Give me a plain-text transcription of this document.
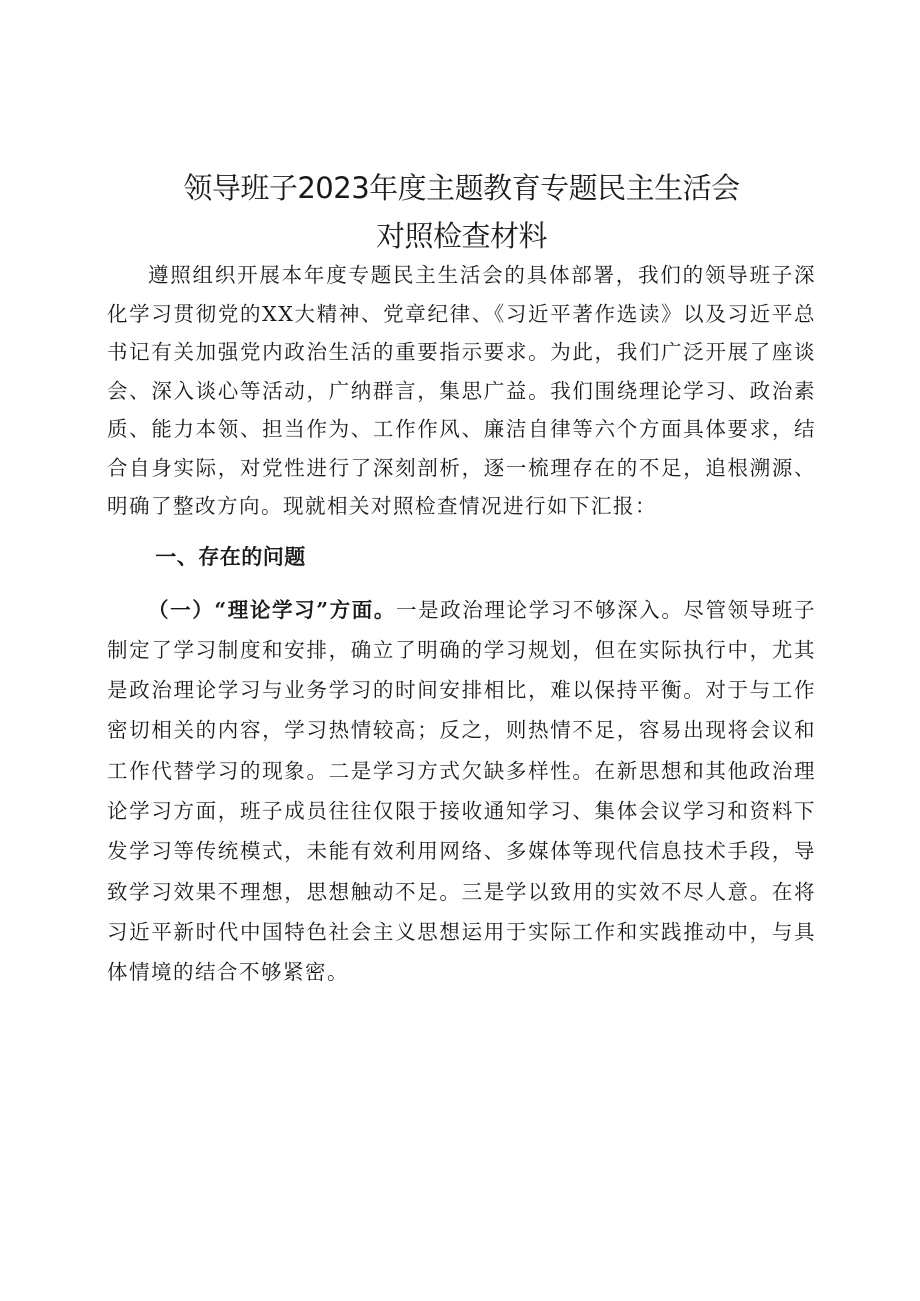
领导班子2023年度主题教育专题民主生活会
对照检查材料

遵照组织开展本年度专题民主生活会的具体部署，我们的领导班子深化学习贯彻党的XX大精神、党章纪律、《习近平著作选读》以及习近平总书记有关加强党内政治生活的重要指示要求。为此，我们广泛开展了座谈会、深入谈心等活动，广纳群言，集思广益。我们围绕理论学习、政治素质、能力本领、担当作为、工作作风、廉洁自律等六个方面具体要求，结合自身实际，对党性进行了深刻剖析，逐一梳理存在的不足，追根溯源、明确了整改方向。现就相关对照检查情况进行如下汇报：

一、存在的问题

（一）“理论学习”方面。一是政治理论学习不够深入。尽管领导班子制定了学习制度和安排，确立了明确的学习规划，但在实际执行中，尤其是政治理论学习与业务学习的时间安排相比，难以保持平衡。对于与工作密切相关的内容，学习热情较高；反之，则热情不足，容易出现将会议和工作代替学习的现象。二是学习方式欠缺多样性。在新思想和其他政治理论学习方面，班子成员往往仅限于接收通知学习、集体会议学习和资料下发学习等传统模式，未能有效利用网络、多媒体等现代信息技术手段，导致学习效果不理想，思想触动不足。三是学以致用的实效不尽人意。在将习近平新时代中国特色社会主义思想运用于实际工作和实践推动中，与具体情境的结合不够紧密。
